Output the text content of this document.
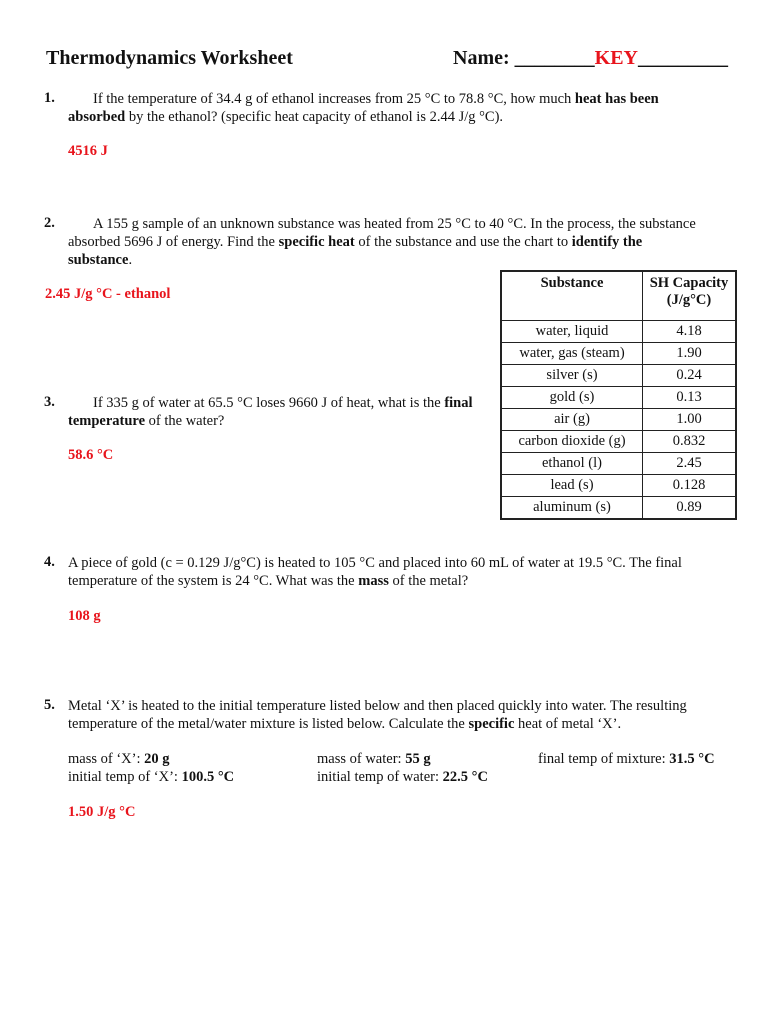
Thermodynamics Worksheet	Name: ________KEY_________
1.	If the temperature of 34.4 g of ethanol increases from 25 °C to 78.8 °C, how much heat has been
absorbed by the ethanol? (specific heat capacity of ethanol is 2.44 J/g °C).
4516 J
2.	A 155 g sample of an unknown substance was heated from 25 °C to 40 °C. In the process, the substance
absorbed 5696 J of energy. Find the specific heat of the substance and use the chart to identify the
substance.
2.45 J/g °C - ethanol
Substance	SH Capacity
(J/g°C)
water, liquid	4.18
water, gas (steam)	1.90
silver (s)	0.24
gold (s)	0.13
air (g)	1.00
carbon dioxide (g)	0.832
ethanol (l)	2.45
lead (s)	0.128
aluminum (s)	0.89
3.	If 335 g of water at 65.5 °C loses 9660 J of heat, what is the final
temperature of the water?
58.6 °C
4. A piece of gold (c = 0.129 J/g°C) is heated to 105 °C and placed into 60 mL of water at 19.5 °C. The final
temperature of the system is 24 °C. What was the mass of the metal?
108 g
5. Metal ‘X’ is heated to the initial temperature listed below and then placed quickly into water. The resulting
temperature of the metal/water mixture is listed below. Calculate the specific heat of metal ‘X’.
mass of ‘X’: 20 g
initial temp of ‘X’: 100.5 °C
mass of water: 55 g
initial temp of water: 22.5 °C
final temp of mixture: 31.5 °C
1.50 J/g °C
